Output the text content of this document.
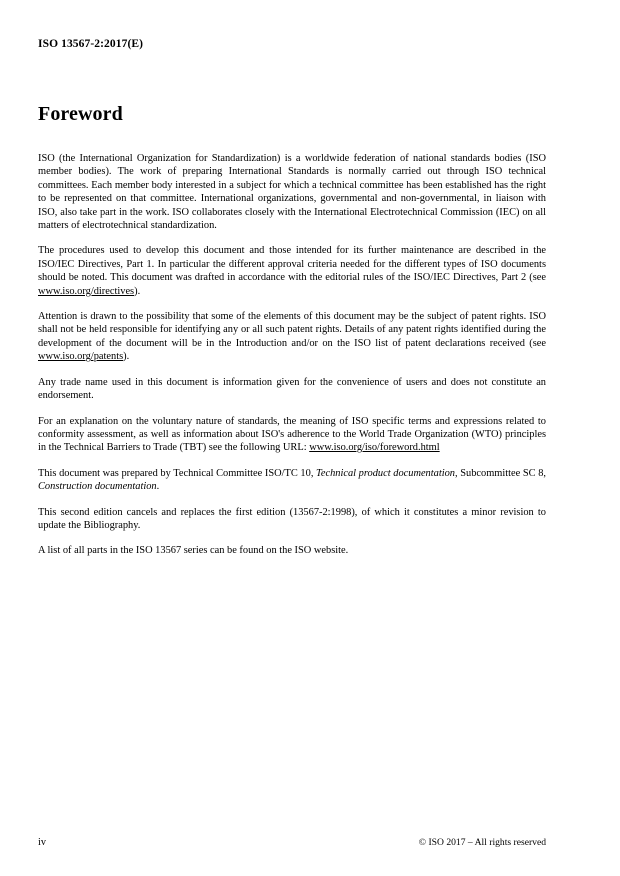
ISO 13567-2:2017(E)
Foreword

ISO (the International Organization for Standardization) is a worldwide federation of national standards bodies (ISO member bodies). The work of preparing International Standards is normally carried out through ISO technical committees. Each member body interested in a subject for which a technical committee has been established has the right to be represented on that committee. International organizations, governmental and non-governmental, in liaison with ISO, also take part in the work. ISO collaborates closely with the International Electrotechnical Commission (IEC) on all matters of electrotechnical standardization.

The procedures used to develop this document and those intended for its further maintenance are described in the ISO/IEC Directives, Part 1. In particular the different approval criteria needed for the different types of ISO documents should be noted. This document was drafted in accordance with the editorial rules of the ISO/IEC Directives, Part 2 (see www.iso.org/directives).

Attention is drawn to the possibility that some of the elements of this document may be the subject of patent rights. ISO shall not be held responsible for identifying any or all such patent rights. Details of any patent rights identified during the development of the document will be in the Introduction and/or on the ISO list of patent declarations received (see www.iso.org/patents).

Any trade name used in this document is information given for the convenience of users and does not constitute an endorsement.

For an explanation on the voluntary nature of standards, the meaning of ISO specific terms and expressions related to conformity assessment, as well as information about ISO's adherence to the World Trade Organization (WTO) principles in the Technical Barriers to Trade (TBT) see the following URL: www.iso.org/iso/foreword.html

This document was prepared by Technical Committee ISO/TC 10, Technical product documentation, Subcommittee SC 8, Construction documentation.

This second edition cancels and replaces the first edition (13567-2:1998), of which it constitutes a minor revision to update the Bibliography.

A list of all parts in the ISO 13567 series can be found on the ISO website.

iv	© ISO 2017 – All rights reserved
